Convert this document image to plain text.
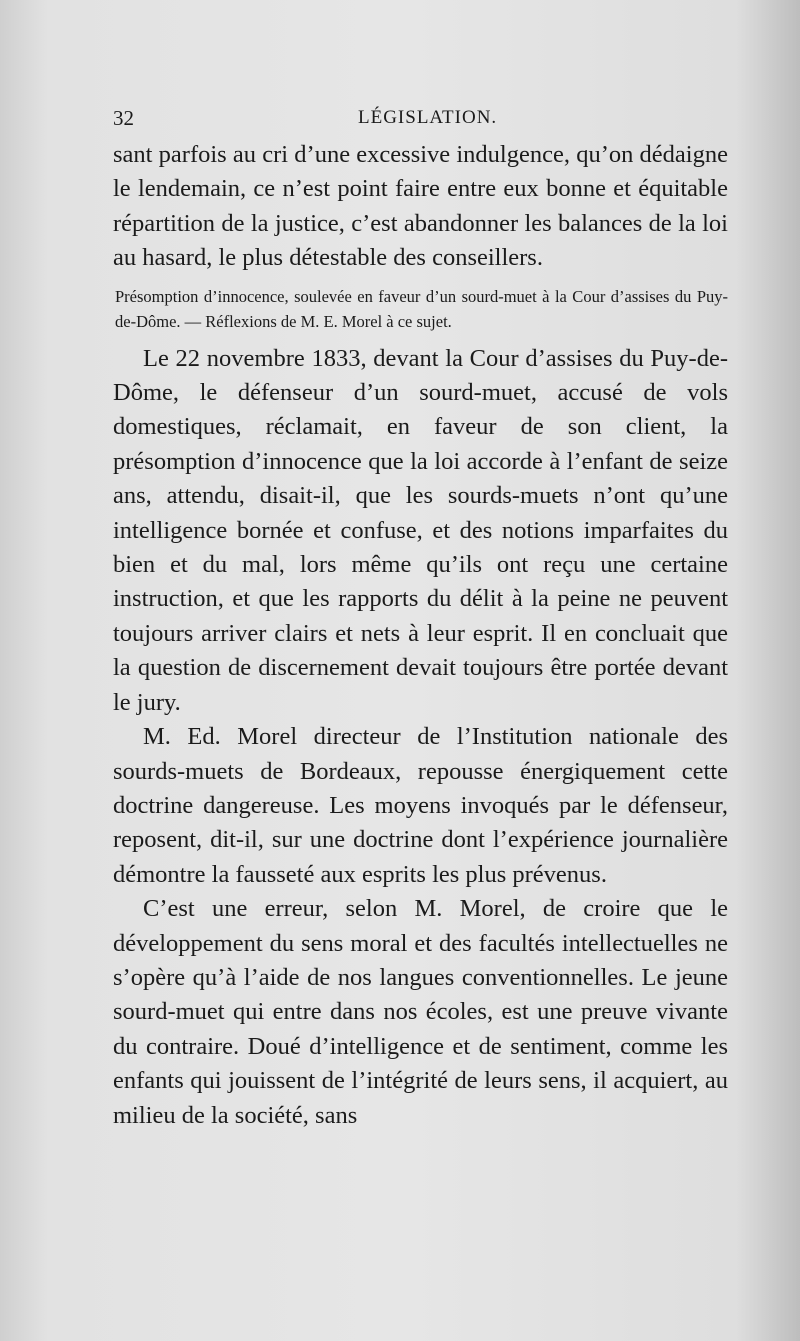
32	LÉGISLATION.

sant parfois au cri d’une excessive indulgence, qu’on dédaigne le lendemain, ce n’est point faire entre eux bonne et équitable répartition de la justice, c’est abandonner les balances de la loi au hasard, le plus détestable des conseillers.

Présomption d’innocence, soulevée en faveur d’un sourd-muet à la Cour d’assises du Puy-de-Dôme. — Réflexions de M. E. Morel à ce sujet.

Le 22 novembre 1833, devant la Cour d’assises du Puy-de-Dôme, le défenseur d’un sourd-muet, accusé de vols domestiques, réclamait, en faveur de son client, la présomption d’innocence que la loi accorde à l’enfant de seize ans, attendu, disait-il, que les sourds-muets n’ont qu’une intelligence bornée et confuse, et des notions imparfaites du bien et du mal, lors même qu’ils ont reçu une certaine instruction, et que les rapports du délit à la peine ne peuvent toujours arriver clairs et nets à leur esprit. Il en concluait que la question de discernement devait toujours être portée devant le jury.

M. Ed. Morel directeur de l’Institution nationale des sourds-muets de Bordeaux, repousse énergiquement cette doctrine dangereuse. Les moyens invoqués par le défenseur, reposent, dit-il, sur une doctrine dont l’expérience journalière démontre la fausseté aux esprits les plus prévenus.

C’est une erreur, selon M. Morel, de croire que le développement du sens moral et des facultés intellectuelles ne s’opère qu’à l’aide de nos langues conventionnelles. Le jeune sourd-muet qui entre dans nos écoles, est une preuve vivante du contraire. Doué d’intelligence et de sentiment, comme les enfants qui jouissent de l’intégrité de leurs sens, il acquiert, au milieu de la société, sans
